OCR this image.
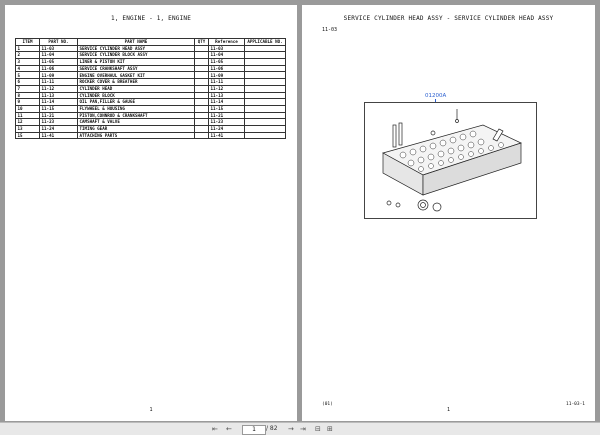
1, ENGINE - 1, ENGINE
ITEM	PART NO.	PART NAME	QTY	Reference	APPLICABLE NO.
1	11-03	SERVICE CYLINDER HEAD ASSY		11-03	
2	11-04	SERVICE CYLINDER BLOCK ASSY		11-04	
3	11-05	LINER & PISTON KIT		11-05	
4	11-06	SERVICE CRANKSHAFT ASSY		11-06	
5	11-09	ENGINE OVERHAUL GASKET KIT		11-09	
6	11-11	ROCKER COVER & BREATHER		11-11	
7	11-12	CYLINDER HEAD		11-12	
8	11-13	CYLINDER BLOCK		11-13	
9	11-14	OIL PAN,FILLER & GAUGE		11-14	
10	11-15	FLYWHEEL & HOUSING		11-15	
11	11-21	PISTON,CONNROD & CRANKSHAFT		11-21	
12	11-23	CAMSHAFT & VALVE		11-23	
13	11-24	TIMING GEAR		11-24	
15	11-41	ATTACHING PARTS		11-41	
1
SERVICE CYLINDER HEAD ASSY - SERVICE CYLINDER HEAD ASSY
11-03
01200A
(01)
1
11-03-1
⇤ ←	1	/ 82 → ⇥ ⊟ ⊞
